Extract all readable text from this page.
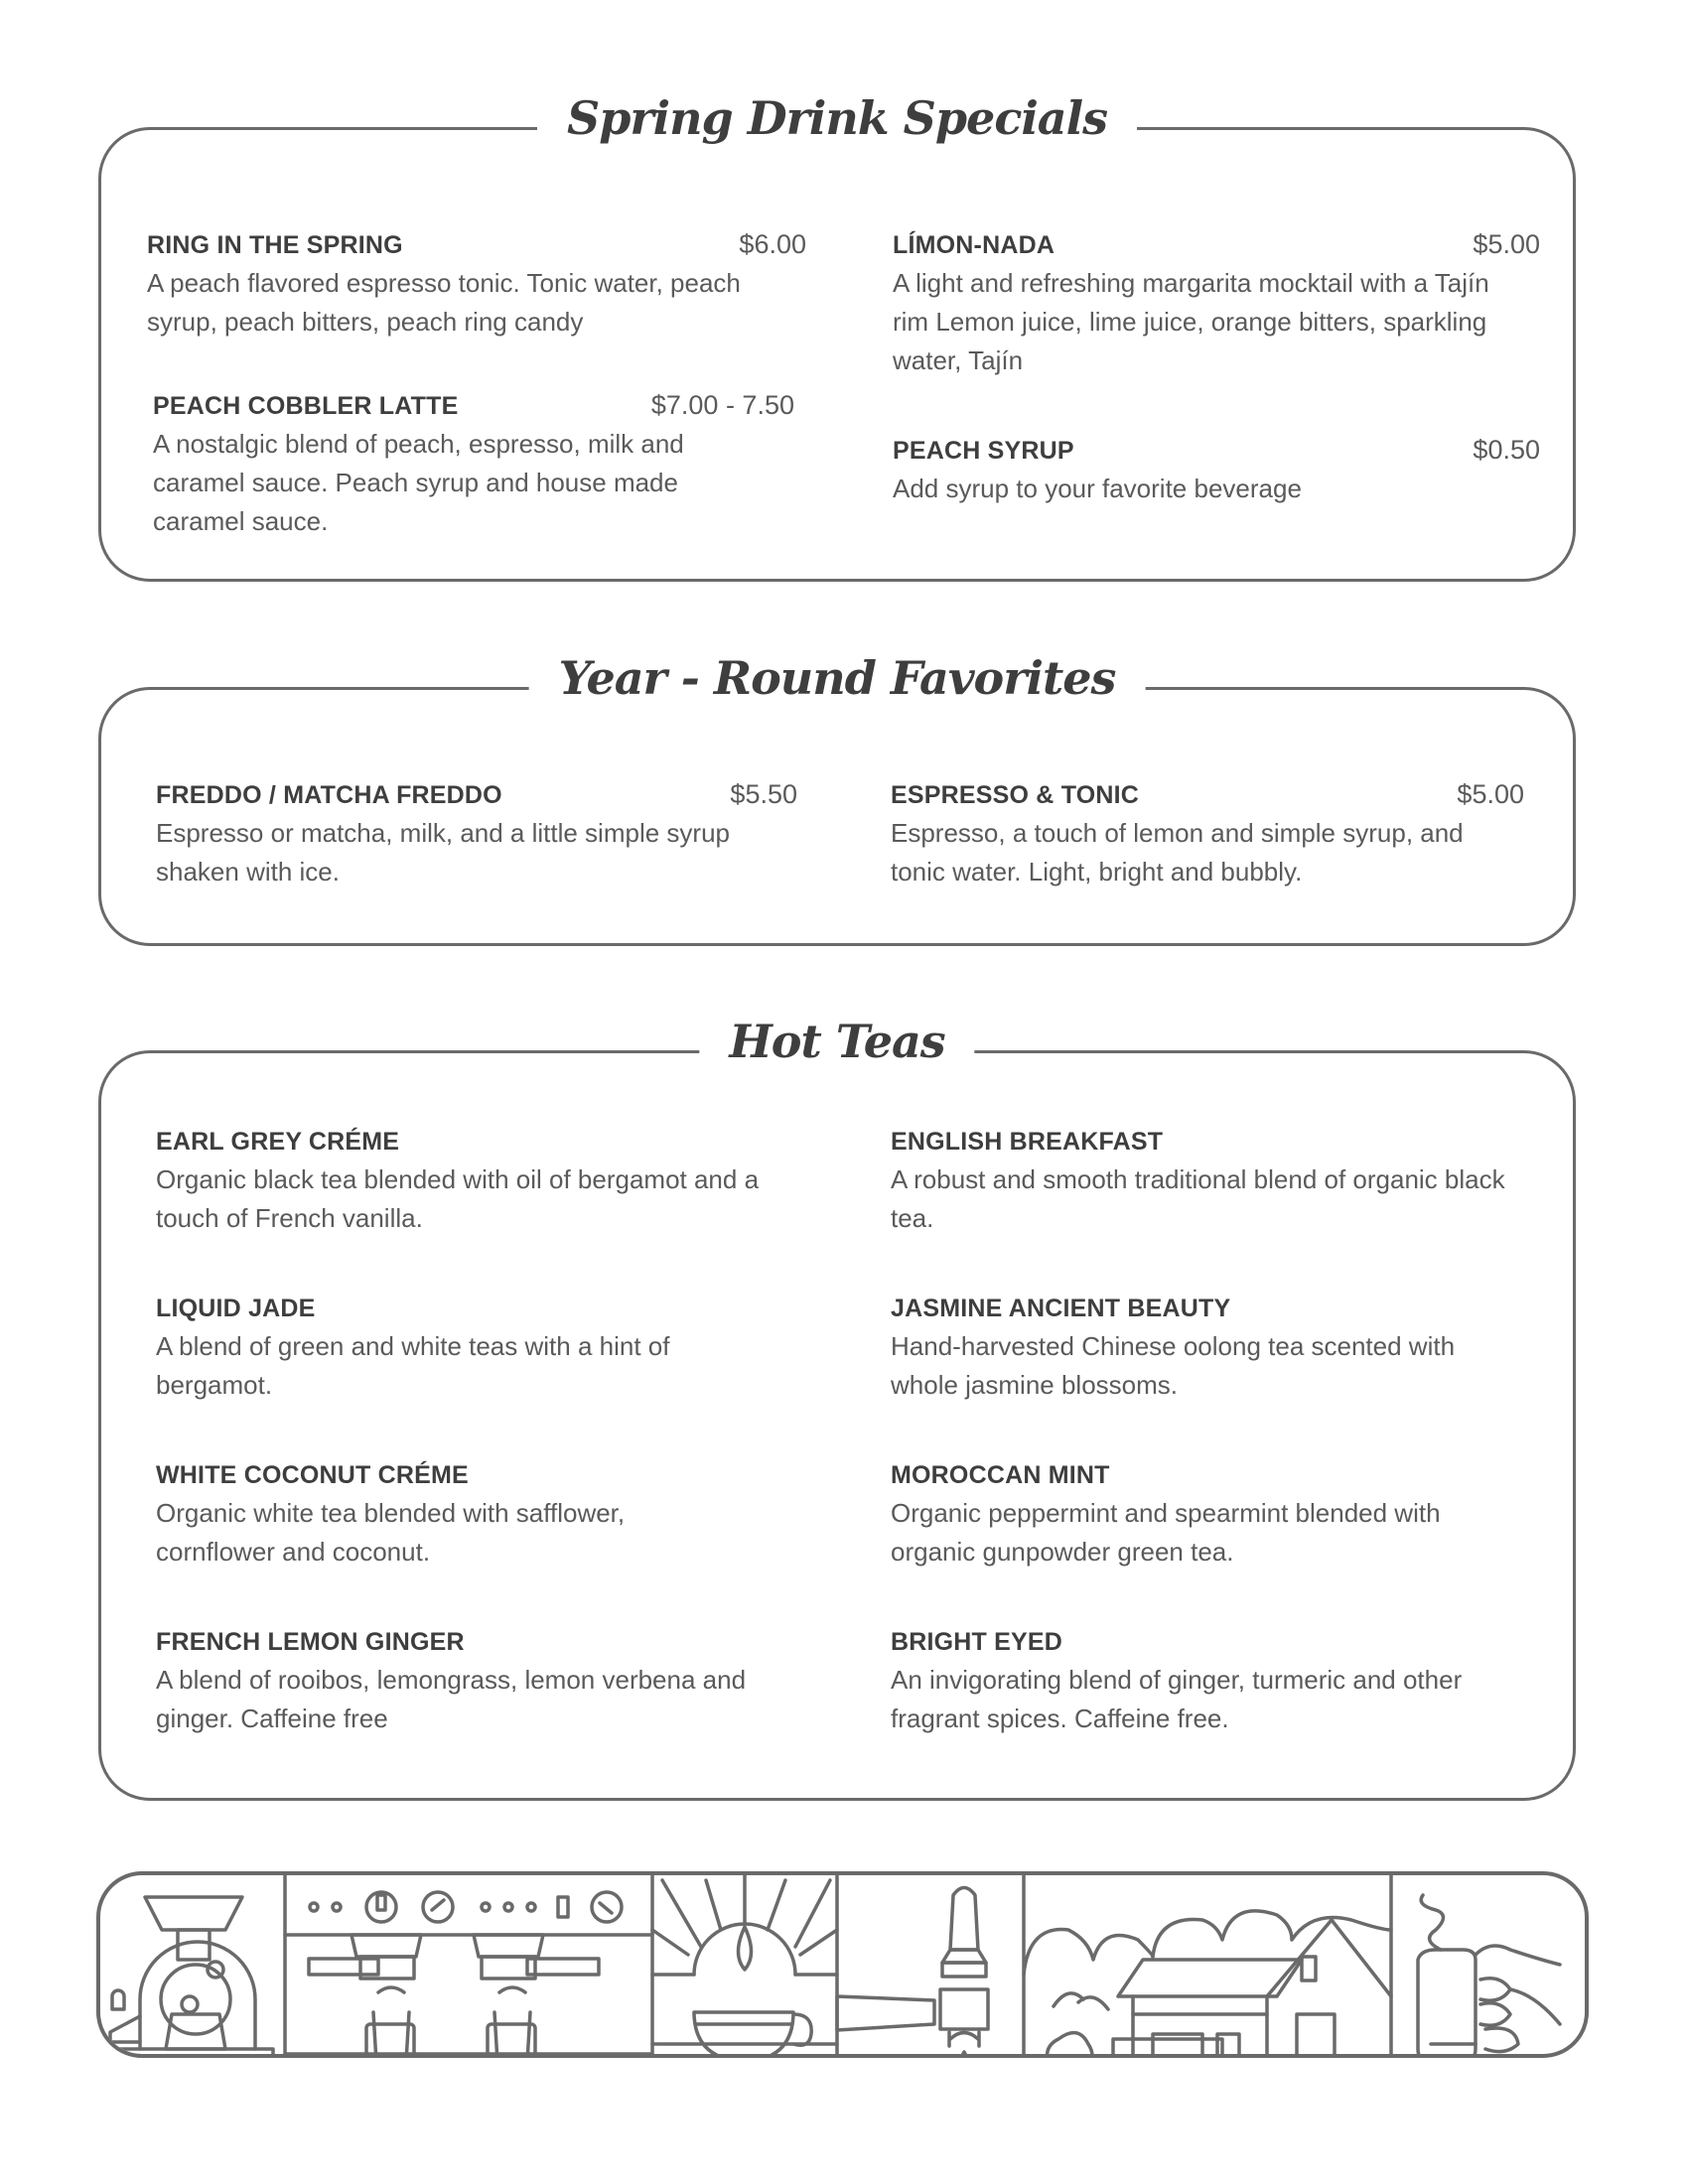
Spring Drink Specials
RING IN THE SPRING	$6.00
A peach flavored espresso tonic. Tonic water, peach syrup, peach bitters, peach ring candy
PEACH COBBLER LATTE	$7.00 - 7.50
A nostalgic blend of peach, espresso, milk and caramel sauce. Peach syrup and house made caramel sauce.
LÍMON-NADA	$5.00
A light and refreshing margarita mocktail with a Tajín rim Lemon juice, lime juice, orange bitters, sparkling water, Tajín
PEACH SYRUP	$0.50
Add syrup to your favorite beverage
Year - Round Favorites
FREDDO / MATCHA FREDDO	$5.50
Espresso or matcha, milk, and a little simple syrup shaken with ice.
ESPRESSO & TONIC	$5.00
Espresso, a touch of lemon and simple syrup, and tonic water. Light, bright and bubbly.
Hot Teas
EARL GREY CRÉME
Organic black tea blended with oil of bergamot and a touch of French vanilla.
ENGLISH BREAKFAST
A robust and smooth traditional blend of organic black tea.
LIQUID JADE
A blend of green and white teas with a hint of bergamot.
JASMINE ANCIENT BEAUTY
Hand-harvested Chinese oolong tea scented with whole jasmine blossoms.
WHITE COCONUT CRÉME
Organic white tea blended with safflower, cornflower and coconut.
MOROCCAN MINT
Organic peppermint and spearmint blended with organic gunpowder green tea.
FRENCH LEMON GINGER
A blend of rooibos, lemongrass, lemon verbena and ginger. Caffeine free
BRIGHT EYED
An invigorating blend of ginger, turmeric and other fragrant spices. Caffeine free.
